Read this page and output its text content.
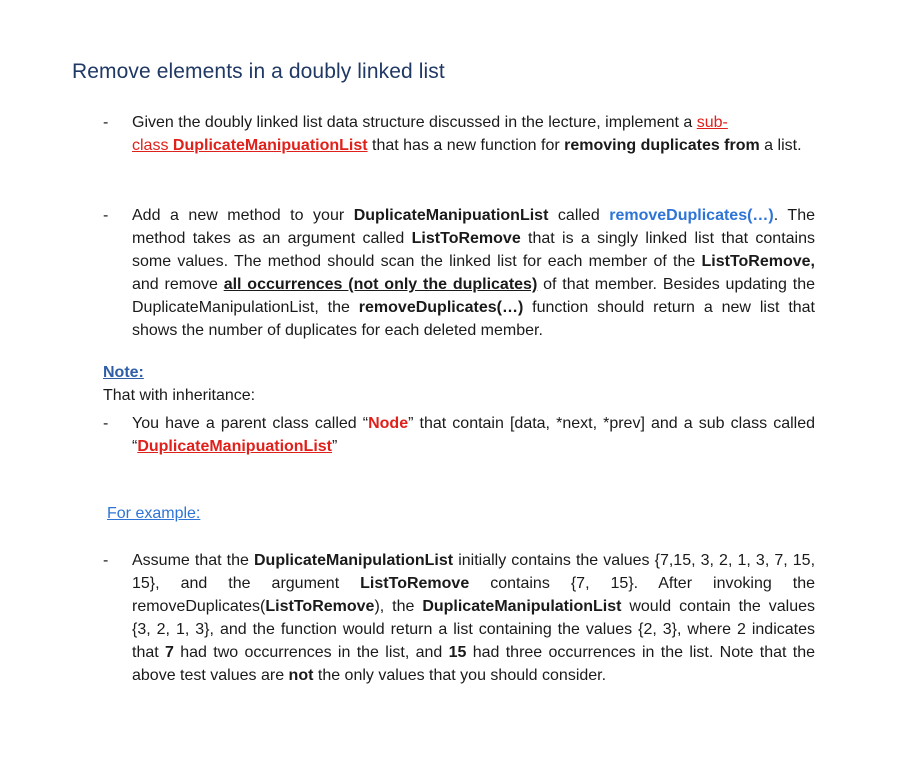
Remove elements in a doubly linked list
- Given the doubly linked list data structure discussed in the lecture, implement a sub-
class DuplicateManipuationList that has a new function for removing duplicates from a list.

- Add a new method to your DuplicateManipuationList called removeDuplicates(…). The method takes as an argument called ListToRemove that is a singly linked list that contains some values. The method should scan the linked list for each member of the ListToRemove, and remove all occurrences (not only the duplicates) of that member. Besides updating the DuplicateManipulationList, the removeDuplicates(…) function should return a new list that shows the number of duplicates for each deleted member.

Note:
That with inheritance:
- You have a parent class called “Node” that contain [data, *next, *prev] and a sub class called “DuplicateManipuationList”

For example:
- Assume that the DuplicateManipulationList initially contains the values {7,15, 3, 2, 1, 3, 7, 15, 15}, and the argument ListToRemove contains {7, 15}. After invoking the removeDuplicates(ListToRemove), the DuplicateManipulationList would contain the values {3, 2, 1, 3}, and the function would return a list containing the values {2, 3}, where 2 indicates that 7 had two occurrences in the list, and 15 had three occurrences in the list. Note that the above test values are not the only values that you should consider.
